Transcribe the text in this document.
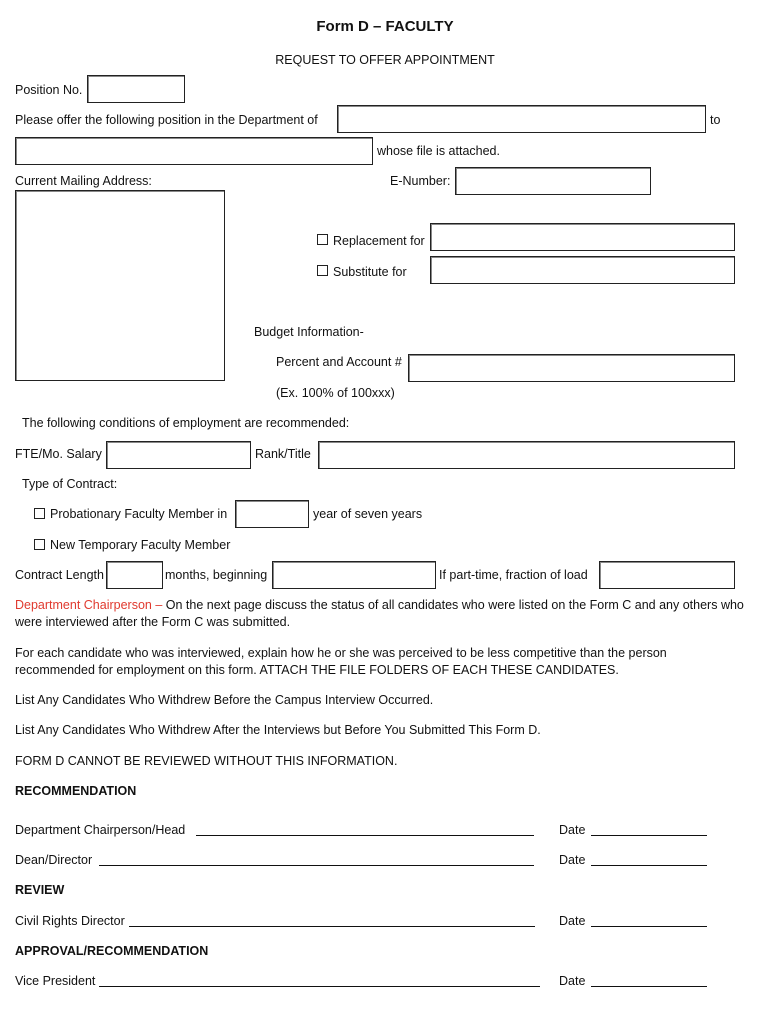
Form D – FACULTY
REQUEST TO OFFER APPOINTMENT
Position No.
Please offer the following position in the Department of	to
whose file is attached.
Current Mailing Address:	E-Number:
Replacement for
Substitute for
Budget Information-
Percent and Account #
(Ex. 100% of 100xxx)
The following conditions of employment are recommended:
FTE/Mo. Salary	Rank/Title
Type of Contract:
Probationary Faculty Member in	year of seven years
New Temporary Faculty Member
Contract Length	months, beginning	If part-time, fraction of load
Department Chairperson – On the next page discuss the status of all candidates who were listed on the Form C and any others who were interviewed after the Form C was submitted.
For each candidate who was interviewed, explain how he or she was perceived to be less competitive than the person recommended for employment on this form. ATTACH THE FILE FOLDERS OF EACH THESE CANDIDATES.
List Any Candidates Who Withdrew Before the Campus Interview Occurred.
List Any Candidates Who Withdrew After the Interviews but Before You Submitted This Form D.
FORM D CANNOT BE REVIEWED WITHOUT THIS INFORMATION.
RECOMMENDATION
Department Chairperson/Head	Date
Dean/Director	Date
REVIEW
Civil Rights Director	Date
APPROVAL/RECOMMENDATION
Vice President	Date
